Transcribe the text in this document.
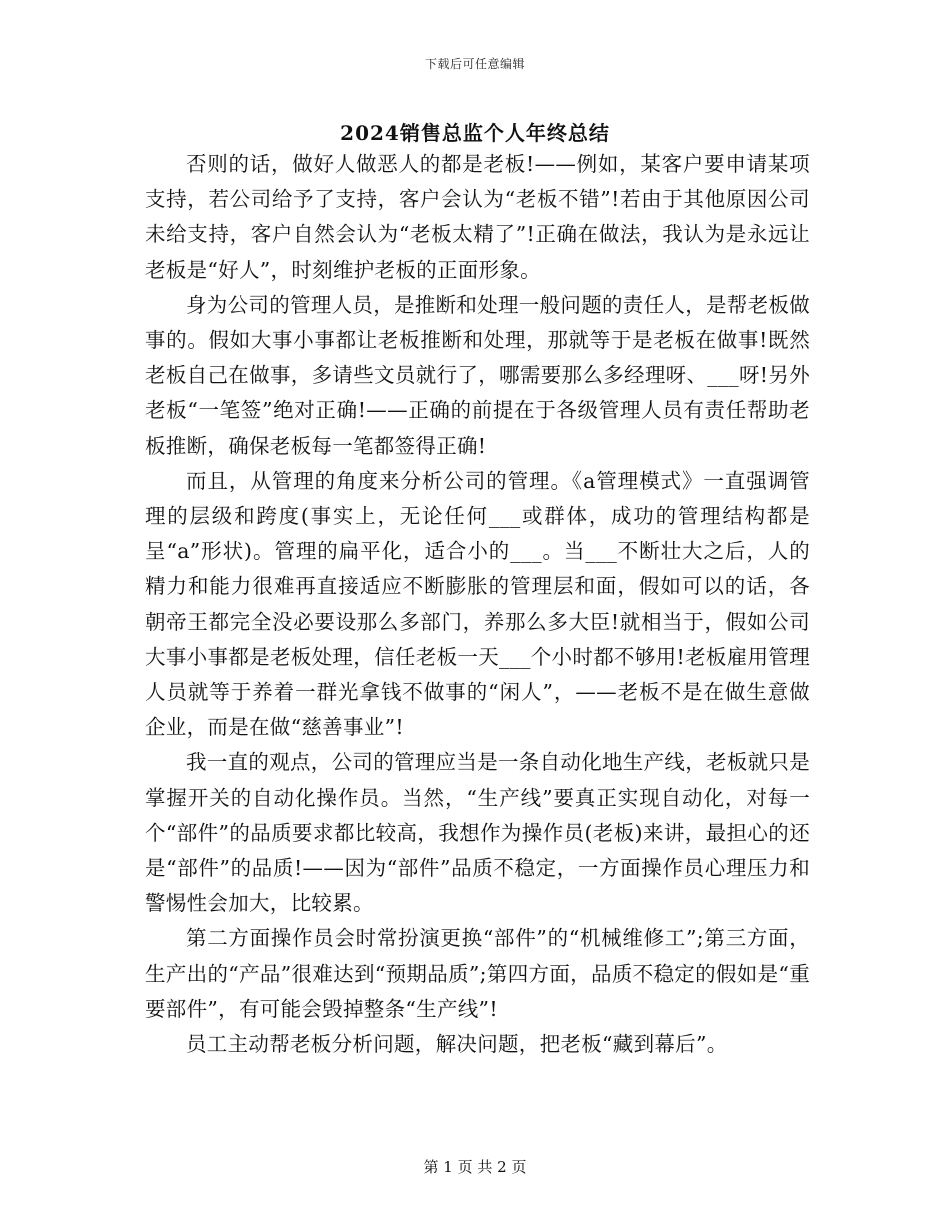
下载后可任意编辑
2024销售总监个人年终总结

否则的话，做好人做恶人的都是老板!——例如，某客户要申请某项支持，若公司给予了支持，客户会认为“老板不错”!若由于其他原因公司未给支持，客户自然会认为“老板太精了”!正确在做法，我认为是永远让老板是“好人”，时刻维护老板的正面形象。

身为公司的管理人员，是推断和处理一般问题的责任人，是帮老板做事的。假如大事小事都让老板推断和处理，那就等于是老板在做事!既然老板自己在做事，多请些文员就行了，哪需要那么多经理呀、___呀!另外老板“一笔签”绝对正确!——正确的前提在于各级管理人员有责任帮助老板推断，确保老板每一笔都签得正确!

而且，从管理的角度来分析公司的管理。《a管理模式》一直强调管理的层级和跨度(事实上，无论任何___或群体，成功的管理结构都是呈“a”形状)。管理的扁平化，适合小的___。当___不断壮大之后，人的精力和能力很难再直接适应不断膨胀的管理层和面，假如可以的话，各朝帝王都完全没必要设那么多部门，养那么多大臣!就相当于，假如公司大事小事都是老板处理，信任老板一天___个小时都不够用!老板雇用管理人员就等于养着一群光拿钱不做事的“闲人”，——老板不是在做生意做企业，而是在做“慈善事业”!

我一直的观点，公司的管理应当是一条自动化地生产线，老板就只是掌握开关的自动化操作员。当然，“生产线”要真正实现自动化，对每一个“部件”的品质要求都比较高，我想作为操作员(老板)来讲，最担心的还是“部件”的品质!——因为“部件”品质不稳定，一方面操作员心理压力和警惕性会加大，比较累。

第二方面操作员会时常扮演更换“部件”的“机械维修工”;第三方面，生产出的“产品”很难达到“预期品质”;第四方面，品质不稳定的假如是“重要部件”，有可能会毁掉整条“生产线”!

员工主动帮老板分析问题，解决问题，把老板“藏到幕后”。

第 1 页 共 2 页
